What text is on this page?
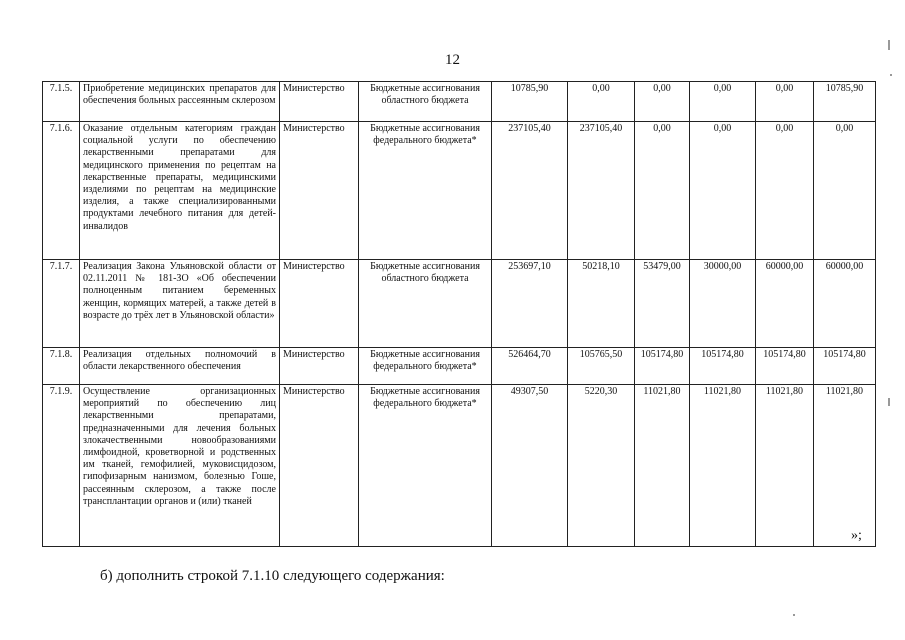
12
7.1.5.	Приобретение медицинских препаратов для обеспечения больных рассеянным склерозом	Министерство	Бюджетные ассигнования областного бюджета	10785,90	0,00	0,00	0,00	0,00	10785,90
7.1.6.	Оказание отдельным категориям граждан социальной услуги по обеспечению лекарственными препаратами для медицинского применения по рецептам на лекарственные препараты, медицинскими изделиями по рецептам на медицинские изделия, а также специализированными продуктами лечебного питания для детей-инвалидов	Министерство	Бюджетные ассигнования федерального бюджета*	237105,40	237105,40	0,00	0,00	0,00	0,00
7.1.7.	Реализация Закона Ульяновской области от 02.11.2011 № 181-ЗО «Об обеспечении полноценным питанием беременных женщин, кормящих матерей, а также детей в возрасте до трёх лет в Ульяновской области»	Министерство	Бюджетные ассигнования областного бюджета	253697,10	50218,10	53479,00	30000,00	60000,00	60000,00
7.1.8.	Реализация отдельных полномочий в области лекарственного обеспечения	Министерство	Бюджетные ассигнования федерального бюджета*	526464,70	105765,50	105174,80	105174,80	105174,80	105174,80
7.1.9.	Осуществление организационных мероприятий по обеспечению лиц лекарственными препаратами, предназначенными для лечения больных злокачественными новообразованиями лимфоидной, кроветворной и родственных им тканей, гемофилией, муковисцидозом, гипофизарным нанизмом, болезнью Гоше, рассеянным склерозом, а также после трансплантации органов и (или) тканей	Министерство	Бюджетные ассигнования федерального бюджета*	49307,50	5220,30	11021,80	11021,80	11021,80	11021,80
»;
б) дополнить строкой 7.1.10 следующего содержания:
